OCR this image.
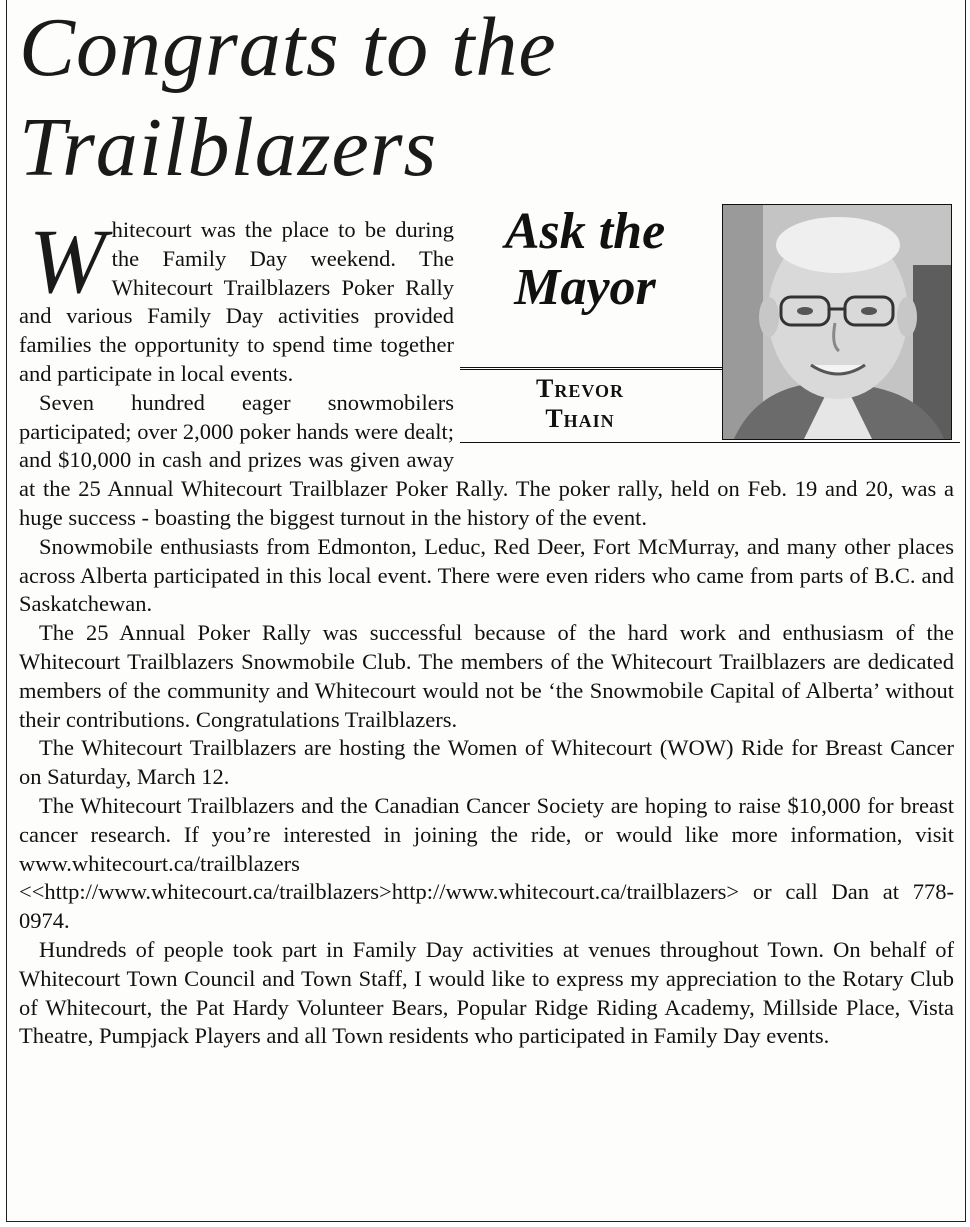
Congrats to the
Trailblazers
Ask the
Mayor
Trevor
Thain

Whitecourt was the place to be during the Family Day weekend. The Whitecourt Trailblazers Poker Rally and various Family Day activities provided families the opportunity to spend time together and participate in local events.

Seven hundred eager snowmobilers participated; over 2,000 poker hands were dealt; and $10,000 in cash and prizes was given away at the 25 Annual Whitecourt Trailblazer Poker Rally. The poker rally, held on Feb. 19 and 20, was a huge success - boasting the biggest turnout in the history of the event.

Snowmobile enthusiasts from Edmonton, Leduc, Red Deer, Fort McMurray, and many other places across Alberta participated in this local event. There were even riders who came from parts of B.C. and Saskatchewan.

The 25 Annual Poker Rally was successful because of the hard work and enthusiasm of the Whitecourt Trailblazers Snowmobile Club. The members of the Whitecourt Trailblazers are dedicated members of the community and Whitecourt would not be ‘the Snowmobile Capital of Alberta’ without their contributions. Congratulations Trailblazers.

The Whitecourt Trailblazers are hosting the Women of Whitecourt (WOW) Ride for Breast Cancer on Saturday, March 12.

The Whitecourt Trailblazers and the Canadian Cancer Society are hoping to raise $10,000 for breast cancer research. If you’re interested in joining the ride, or would like more information, visit www.whitecourt.ca/trailblazers <<http://www.whitecourt.ca/trailblazers>http://www.whitecourt.ca/trailblazers> or call Dan at 778-0974.

Hundreds of people took part in Family Day activities at venues throughout Town. On behalf of Whitecourt Town Council and Town Staff, I would like to express my appreciation to the Rotary Club of Whitecourt, the Pat Hardy Volunteer Bears, Popular Ridge Riding Academy, Millside Place, Vista Theatre, Pumpjack Players and all Town residents who participated in Family Day events.
